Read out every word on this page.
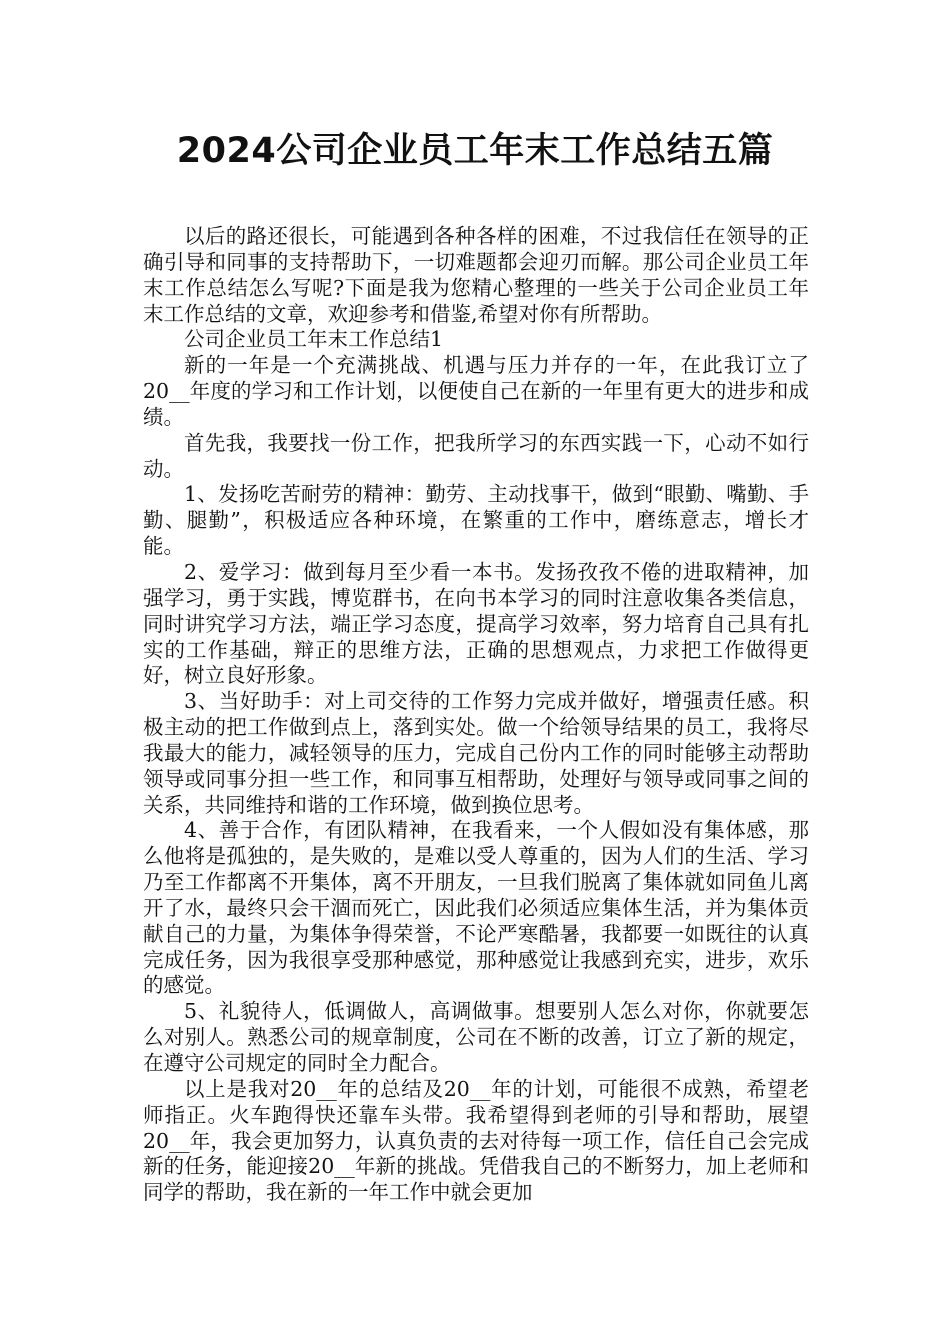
2024公司企业员工年末工作总结五篇

以后的路还很长，可能遇到各种各样的困难，不过我信任在领导的正确引导和同事的支持帮助下，一切难题都会迎刃而解。那公司企业员工年末工作总结怎么写呢?下面是我为您精心整理的一些关于公司企业员工年末工作总结的文章，欢迎参考和借鉴,希望对你有所帮助。

公司企业员工年末工作总结1

新的一年是一个充满挑战、机遇与压力并存的一年，在此我订立了20__年度的学习和工作计划，以便使自己在新的一年里有更大的进步和成绩。

首先我，我要找一份工作，把我所学习的东西实践一下，心动不如行动。

1、发扬吃苦耐劳的精神：勤劳、主动找事干，做到“眼勤、嘴勤、手勤、腿勤”，积极适应各种环境，在繁重的工作中，磨练意志，增长才能。

2、爱学习：做到每月至少看一本书。发扬孜孜不倦的进取精神，加强学习，勇于实践，博览群书，在向书本学习的同时注意收集各类信息，同时讲究学习方法，端正学习态度，提高学习效率，努力培育自己具有扎实的工作基础，辩正的思维方法，正确的思想观点，力求把工作做得更好，树立良好形象。

3、当好助手：对上司交待的工作努力完成并做好，增强责任感。积极主动的把工作做到点上，落到实处。做一个给领导结果的员工，我将尽我最大的能力，减轻领导的压力，完成自己份内工作的同时能够主动帮助领导或同事分担一些工作，和同事互相帮助，处理好与领导或同事之间的关系，共同维持和谐的工作环境，做到换位思考。

4、善于合作，有团队精神，在我看来，一个人假如没有集体感，那么他将是孤独的，是失败的，是难以受人尊重的，因为人们的生活、学习乃至工作都离不开集体，离不开朋友，一旦我们脱离了集体就如同鱼儿离开了水，最终只会干涸而死亡，因此我们必须适应集体生活，并为集体贡献自己的力量，为集体争得荣誉，不论严寒酷暑，我都要一如既往的认真完成任务，因为我很享受那种感觉，那种感觉让我感到充实，进步，欢乐的感觉。

5、礼貌待人，低调做人，高调做事。想要别人怎么对你，你就要怎么对别人。熟悉公司的规章制度，公司在不断的改善，订立了新的规定，在遵守公司规定的同时全力配合。

以上是我对20__年的总结及20__年的计划，可能很不成熟，希望老师指正。火车跑得快还靠车头带。我希望得到老师的引导和帮助，展望20__年，我会更加努力，认真负责的去对待每一项工作，信任自己会完成新的任务，能迎接20__年新的挑战。凭借我自己的不断努力，加上老师和同学的帮助，我在新的一年工作中就会更加
